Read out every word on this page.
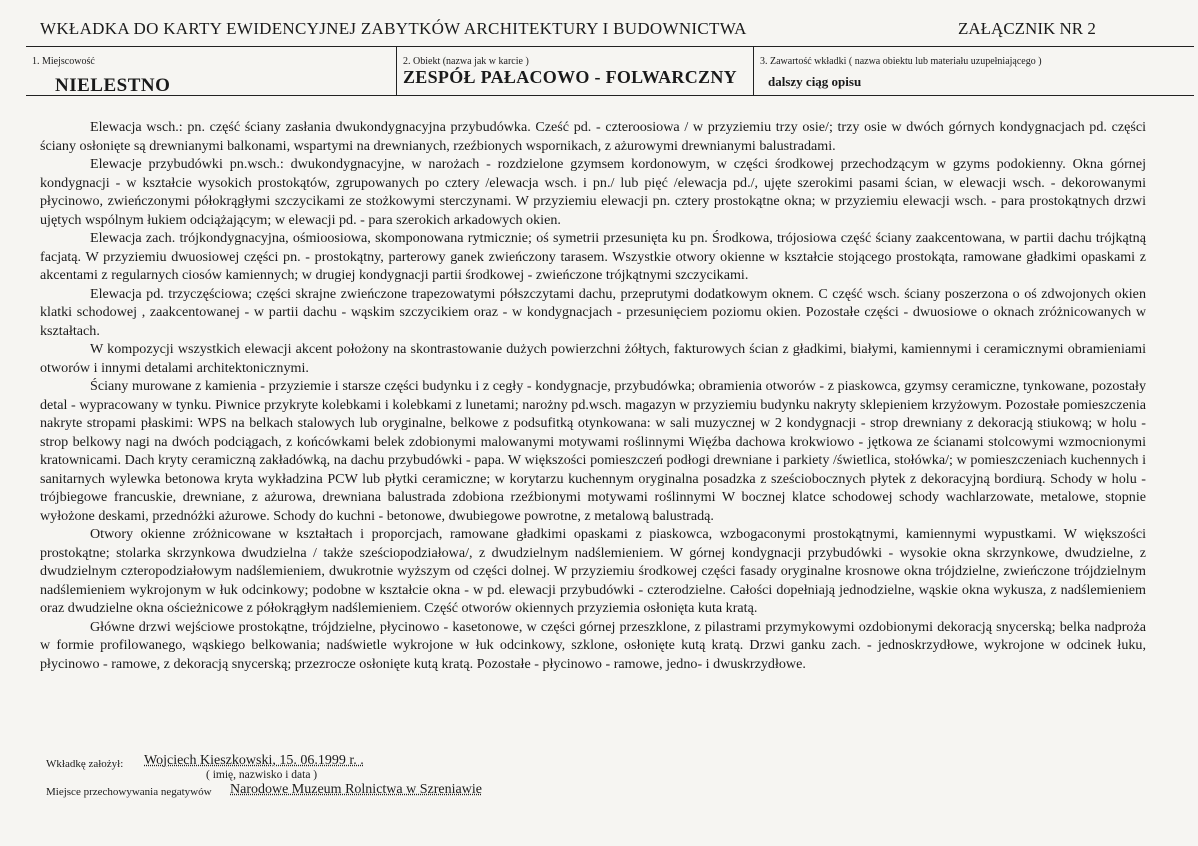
WKŁADKA DO KARTY EWIDENCYJNEJ ZABYTKÓW ARCHITEKTURY I BUDOWNICTWA	ZAŁĄCZNIK NR 2
1. Miejscowość
NIELESTNO
2. Obiekt (nazwa jak w karcie )
ZESPÓŁ PAŁACOWO - FOLWARCZNY
3. Zawartość wkładki ( nazwa obiektu lub materiału uzupełniającego )
dalszy ciąg opisu

Elewacja wsch.: pn. część ściany zasłania dwukondygnacyjna przybudówka. Cześć pd. - czteroosiowa / w przyziemiu trzy osie/; trzy osie w dwóch górnych kondygnacjach pd. części ściany osłonięte są drewnianymi balkonami, wspartymi na drewnianych, rzeźbionych wspornikach, z ażurowymi drewnianymi balustradami.

Elewacje przybudówki pn.wsch.: dwukondygnacyjne, w narożach - rozdzielone gzymsem kordonowym, w części środkowej przechodzącym w gzyms podokienny. Okna górnej kondygnacji - w kształcie wysokich prostokątów, zgrupowanych po cztery /elewacja wsch. i pn./ lub pięć /elewacja pd./, ujęte szerokimi pasami ścian, w elewacji wsch. - dekorowanymi płycinowo, zwieńczonymi półokrągłymi szczycikami ze stożkowymi sterczynami. W przyziemiu elewacji pn. cztery prostokątne okna; w przyziemiu elewacji wsch. - para prostokątnych drzwi ujętych wspólnym łukiem odciążającym; w elewacji pd. - para szerokich arkadowych okien.

Elewacja zach. trójkondygnacyjna, ośmioosiowa, skomponowana rytmicznie; oś symetrii przesunięta ku pn. Środkowa, trójosiowa część ściany zaakcentowana, w partii dachu trójkątną facjatą. W przyziemiu dwuosiowej części pn. - prostokątny, parterowy ganek zwieńczony tarasem. Wszystkie otwory okienne w kształcie stojącego prostokąta, ramowane gładkimi opaskami z akcentami z regularnych ciosów kamiennych; w drugiej kondygnacji partii środkowej - zwieńczone trójkątnymi szczycikami.

Elewacja pd. trzyczęściowa; części skrajne zwieńczone trapezowatymi półszczytami dachu, przeprutymi dodatkowym oknem. C część wsch. ściany poszerzona o oś zdwojonych okien klatki schodowej , zaakcentowanej - w partii dachu - wąskim szczycikiem oraz - w kondygnacjach - przesunięciem poziomu okien. Pozostałe części - dwuosiowe o oknach zróżnicowanych w kształtach.

W kompozycji wszystkich elewacji akcent położony na skontrastowanie dużych powierzchni żółtych, fakturowych ścian z gładkimi, białymi, kamiennymi i ceramicznymi obramieniami otworów i innymi detalami architektonicznymi.

Ściany murowane z kamienia - przyziemie i starsze części budynku i z cegły - kondygnacje, przybudówka; obramienia otworów - z piaskowca, gzymsy ceramiczne, tynkowane, pozostały detal - wypracowany w tynku. Piwnice przykryte kolebkami i kolebkami z lunetami; narożny pd.wsch. magazyn w przyziemiu budynku nakryty sklepieniem krzyżowym. Pozostałe pomieszczenia nakryte stropami płaskimi: WPS na belkach stalowych lub oryginalne, belkowe z podsufitką otynkowana: w sali muzycznej w 2 kondygnacji - strop drewniany z dekoracją stiukową; w holu - strop belkowy nagi na dwóch podciągach, z końcówkami belek zdobionymi malowanymi motywami roślinnymi Więźba dachowa krokwiowo - jętkowa ze ścianami stolcowymi wzmocnionymi kratownicami. Dach kryty ceramiczną zakładówką, na dachu przybudówki - papa. W większości pomieszczeń podłogi drewniane i parkiety /świetlica, stołówka/; w pomieszczeniach kuchennych i sanitarnych wylewka betonowa kryta wykładzina PCW lub płytki ceramiczne; w korytarzu kuchennym oryginalna posadzka z sześciobocznych płytek z dekoracyjną bordiurą. Schody w holu - trójbiegowe francuskie, drewniane, z ażurowa, drewniana balustrada zdobiona rzeźbionymi motywami roślinnymi W bocznej klatce schodowej schody wachlarzowate, metalowe, stopnie wyłożone deskami, przednóżki ażurowe. Schody do kuchni - betonowe, dwubiegowe powrotne, z metalową balustradą.

Otwory okienne zróżnicowane w kształtach i proporcjach, ramowane gładkimi opaskami z piaskowca, wzbogaconymi prostokątnymi, kamiennymi wypustkami. W większości prostokątne; stolarka skrzynkowa dwudzielna / także sześciopodziałowa/, z dwudzielnym nadślemieniem. W górnej kondygnacji przybudówki - wysokie okna skrzynkowe, dwudzielne, z dwudzielnym czteropodziałowym nadślemieniem, dwukrotnie wyższym od części dolnej. W przyziemiu środkowej części fasady oryginalne krosnowe okna trójdzielne, zwieńczone trójdzielnym nadślemieniem wykrojonym w łuk odcinkowy; podobne w kształcie okna - w pd. elewacji przybudówki - czterodzielne. Całości dopełniają jednodzielne, wąskie okna wykusza, z nadślemieniem oraz dwudzielne okna ościeżnicowe z półokrągłym nadślemieniem. Część otworów okiennych przyziemia osłonięta kuta kratą.

Główne drzwi wejściowe prostokątne, trójdzielne, płycinowo - kasetonowe, w części górnej przeszklone, z pilastrami przymykowymi ozdobionymi dekoracją snycerską; belka nadproża w formie profilowanego, wąskiego belkowania; nadświetle wykrojone w łuk odcinkowy, szklone, osłonięte kutą kratą. Drzwi ganku zach. - jednoskrzydłowe, wykrojone w odcinek łuku, płycinowo - ramowe, z dekoracją snycerską; przezrocze osłonięte kutą kratą. Pozostałe - płycinowo - ramowe, jedno- i dwuskrzydłowe.

Wkładkę założył: Wojciech Kieszkowski, 15. 06.1999 r. .
( imię, nazwisko i data )
Miejsce przechowywania negatywów Narodowe Muzeum Rolnictwa w Szreniawie
